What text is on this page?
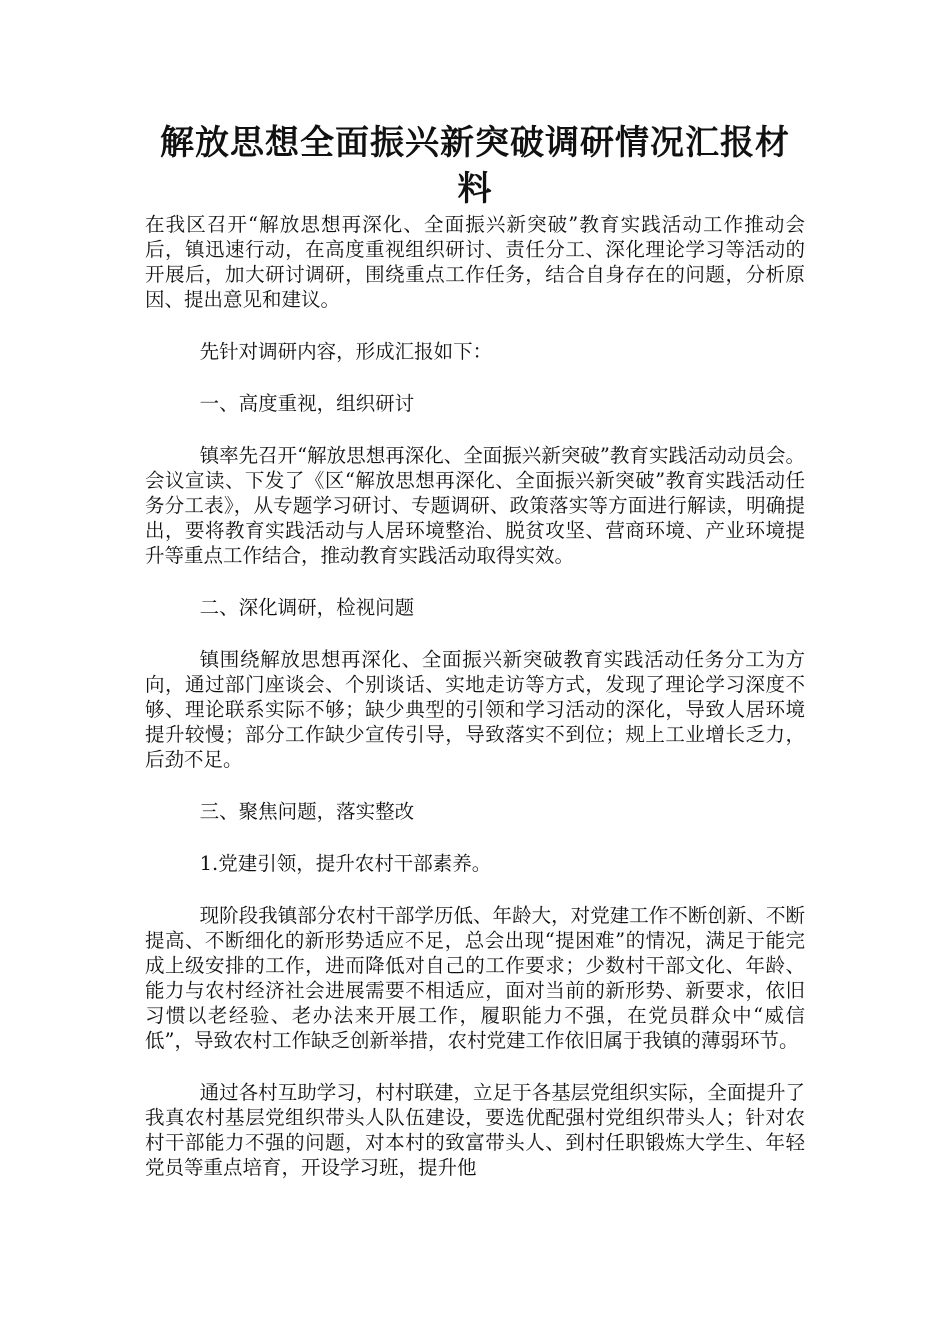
解放思想全面振兴新突破调研情况汇报材料

在我区召开“解放思想再深化、全面振兴新突破”教育实践活动工作推动会后，镇迅速行动，在高度重视组织研讨、责任分工、深化理论学习等活动的开展后，加大研讨调研，围绕重点工作任务，结合自身存在的问题，分析原因、提出意见和建议。

先针对调研内容，形成汇报如下：

一、高度重视，组织研讨

镇率先召开“解放思想再深化、全面振兴新突破”教育实践活动动员会。会议宣读、下发了《区“解放思想再深化、全面振兴新突破”教育实践活动任务分工表》，从专题学习研讨、专题调研、政策落实等方面进行解读，明确提出，要将教育实践活动与人居环境整治、脱贫攻坚、营商环境、产业环境提升等重点工作结合，推动教育实践活动取得实效。

二、深化调研，检视问题

镇围绕解放思想再深化、全面振兴新突破教育实践活动任务分工为方向，通过部门座谈会、个别谈话、实地走访等方式，发现了理论学习深度不够、理论联系实际不够；缺少典型的引领和学习活动的深化，导致人居环境提升较慢；部分工作缺少宣传引导，导致落实不到位；规上工业增长乏力，后劲不足。

三、聚焦问题，落实整改

1.党建引领，提升农村干部素养。

现阶段我镇部分农村干部学历低、年龄大，对党建工作不断创新、不断提高、不断细化的新形势适应不足，总会出现“提困难”的情况，满足于能完成上级安排的工作，进而降低对自己的工作要求；少数村干部文化、年龄、能力与农村经济社会进展需要不相适应，面对当前的新形势、新要求，依旧习惯以老经验、老办法来开展工作，履职能力不强，在党员群众中“威信低”，导致农村工作缺乏创新举措，农村党建工作依旧属于我镇的薄弱环节。

通过各村互助学习，村村联建，立足于各基层党组织实际，全面提升了我真农村基层党组织带头人队伍建设，要选优配强村党组织带头人；针对农村干部能力不强的问题，对本村的致富带头人、到村任职锻炼大学生、年轻党员等重点培育，开设学习班，提升他
